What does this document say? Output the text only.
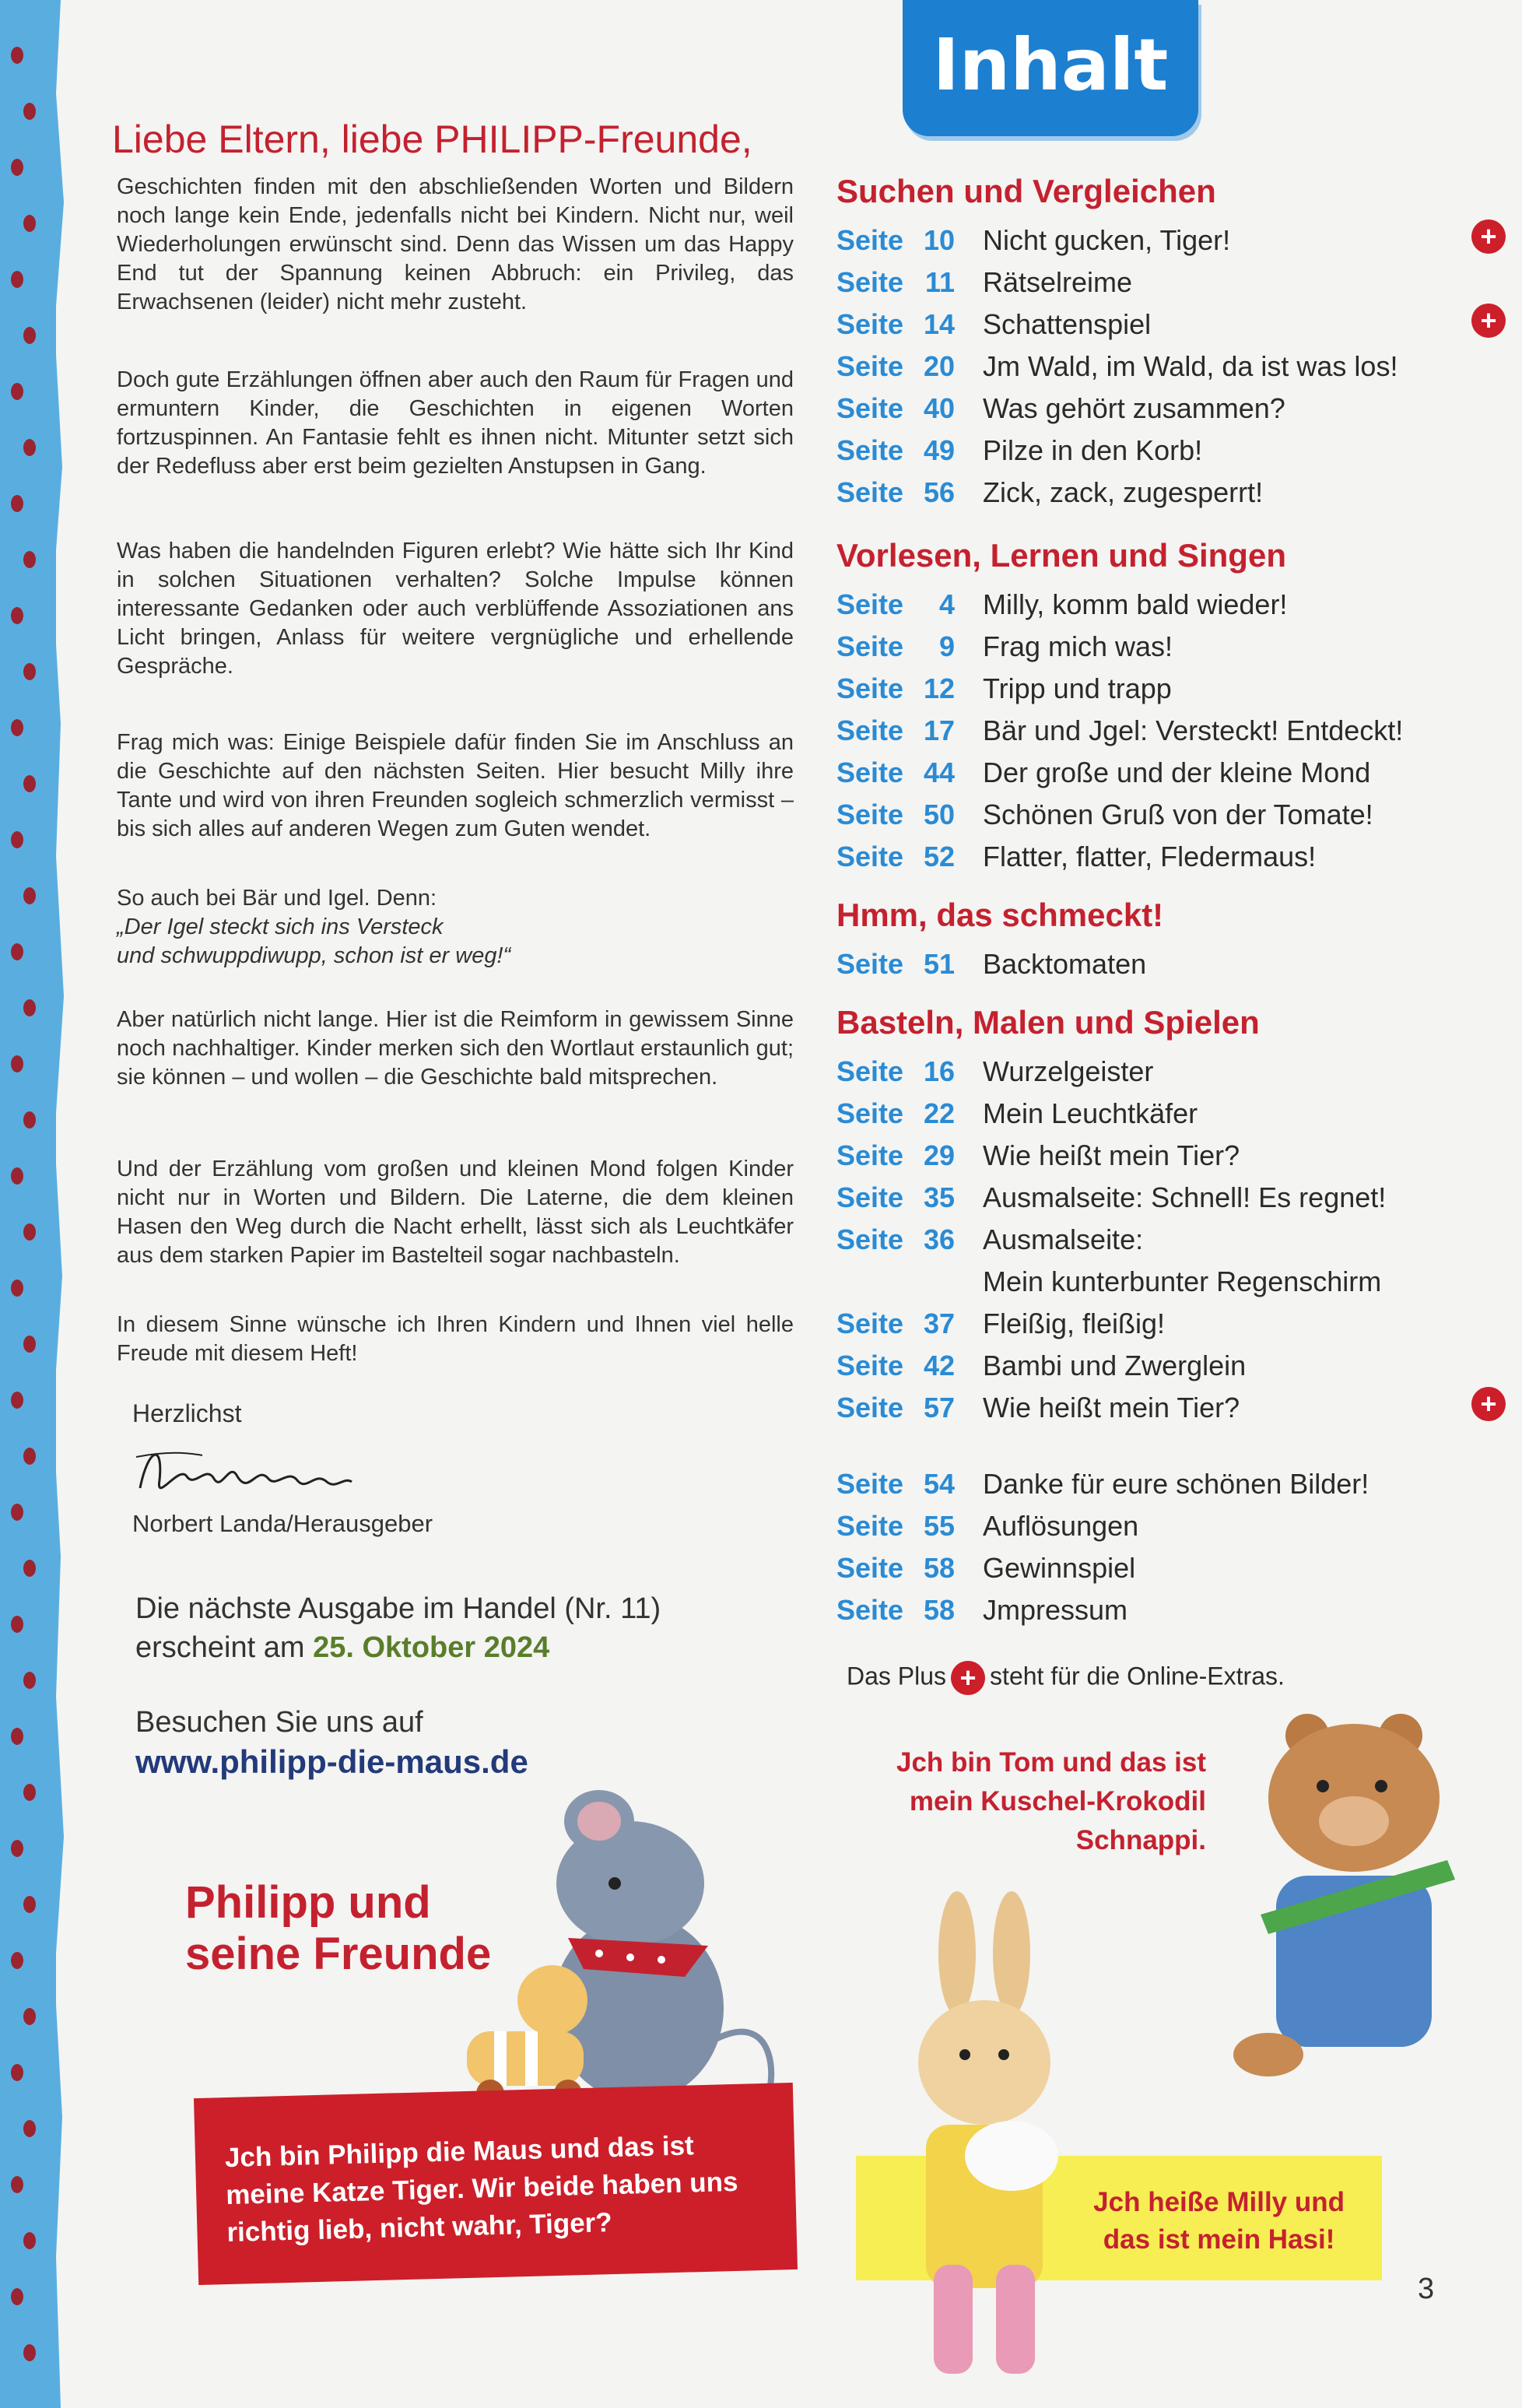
Inhalt
Liebe Eltern, liebe PHILIPP-Freunde,

Geschichten finden mit den abschließenden Worten und Bildern noch lange kein Ende, jedenfalls nicht bei Kindern. Nicht nur, weil Wiederholungen erwünscht sind. Denn das Wissen um das Happy End tut der Spannung keinen Abbruch: ein Privileg, das Erwachsenen (leider) nicht mehr zusteht.

Doch gute Erzählungen öffnen aber auch den Raum für Fragen und ermuntern Kinder, die Geschichten in eigenen Worten fortzuspinnen. An Fantasie fehlt es ihnen nicht. Mitunter setzt sich der Redefluss aber erst beim gezielten Anstupsen in Gang.

Was haben die handelnden Figuren erlebt? Wie hätte sich Ihr Kind in solchen Situationen verhalten? Solche Impulse können interessante Gedanken oder auch verblüffende Assoziationen ans Licht bringen, Anlass für weitere vergnügliche und erhellende Gespräche.

Frag mich was: Einige Beispiele dafür finden Sie im Anschluss an die Geschichte auf den nächsten Seiten. Hier besucht Milly ihre Tante und wird von ihren Freunden sogleich schmerzlich vermisst – bis sich alles auf anderen Wegen zum Guten wendet.

So auch bei Bär und Igel. Denn:

„Der Igel steckt sich ins Versteck

und schwuppdiwupp, schon ist er weg!“

Aber natürlich nicht lange. Hier ist die Reimform in gewissem Sinne noch nachhaltiger. Kinder merken sich den Wortlaut erstaunlich gut; sie können – und wollen – die Geschichte bald mitsprechen.

Und der Erzählung vom großen und kleinen Mond folgen Kinder nicht nur in Worten und Bildern. Die Laterne, die dem kleinen Hasen den Weg durch die Nacht erhellt, lässt sich als Leuchtkäfer aus dem starken Papier im Bastelteil sogar nachbasteln.

In diesem Sinne wünsche ich Ihren Kindern und Ihnen viel helle Freude mit diesem Heft!

Herzlichst
Norbert Landa/Herausgeber
Die nächste Ausgabe im Handel (Nr. 11)
erscheint am 25. Oktober 2024
Besuchen Sie uns auf
www.philipp-die-maus.de
Philipp und
seine Freunde

Jch bin Philipp die Maus und das ist meine Katze Tiger. Wir beide haben uns richtig lieb, nicht wahr, Tiger?

Suchen und Vergleichen
Seite 10 Nicht gucken, Tiger!	+
Seite 11 Rätselreime
Seite 14 Schattenspiel	+
Seite 20 Jm Wald, im Wald, da ist was los!
Seite 40 Was gehört zusammen?
Seite 49 Pilze in den Korb!
Seite 56 Zick, zack, zugesperrt!
Vorlesen, Lernen und Singen
Seite	4 Milly, komm bald wieder!
Seite	9 Frag mich was!
Seite 12 Tripp und trapp
Seite 17 Bär und Jgel: Versteckt! Entdeckt!
Seite 44 Der große und der kleine Mond
Seite 50 Schönen Gruß von der Tomate!
Seite 52 Flatter, flatter, Fledermaus!
Hmm, das schmeckt!
Seite 51 Backtomaten
Basteln, Malen und Spielen
Seite 16 Wurzelgeister
Seite 22 Mein Leuchtkäfer
Seite 29 Wie heißt mein Tier?
Seite 35 Ausmalseite: Schnell! Es regnet!
Seite 36 Ausmalseite:
Mein kunterbunter Regenschirm
Seite 37 Fleißig, fleißig!
Seite 42 Bambi und Zwerglein
Seite 57 Wie heißt mein Tier?	+
Seite 54 Danke für eure schönen Bilder!
Seite 55 Auflösungen
Seite 58 Gewinnspiel
Seite 58 Jmpressum
Das Plus + steht für die Online-Extras.
Jch bin Tom und das ist
mein Kuschel-Krokodil
Schnappi.

Jch heiße Milly und
das ist mein Hasi!

3
